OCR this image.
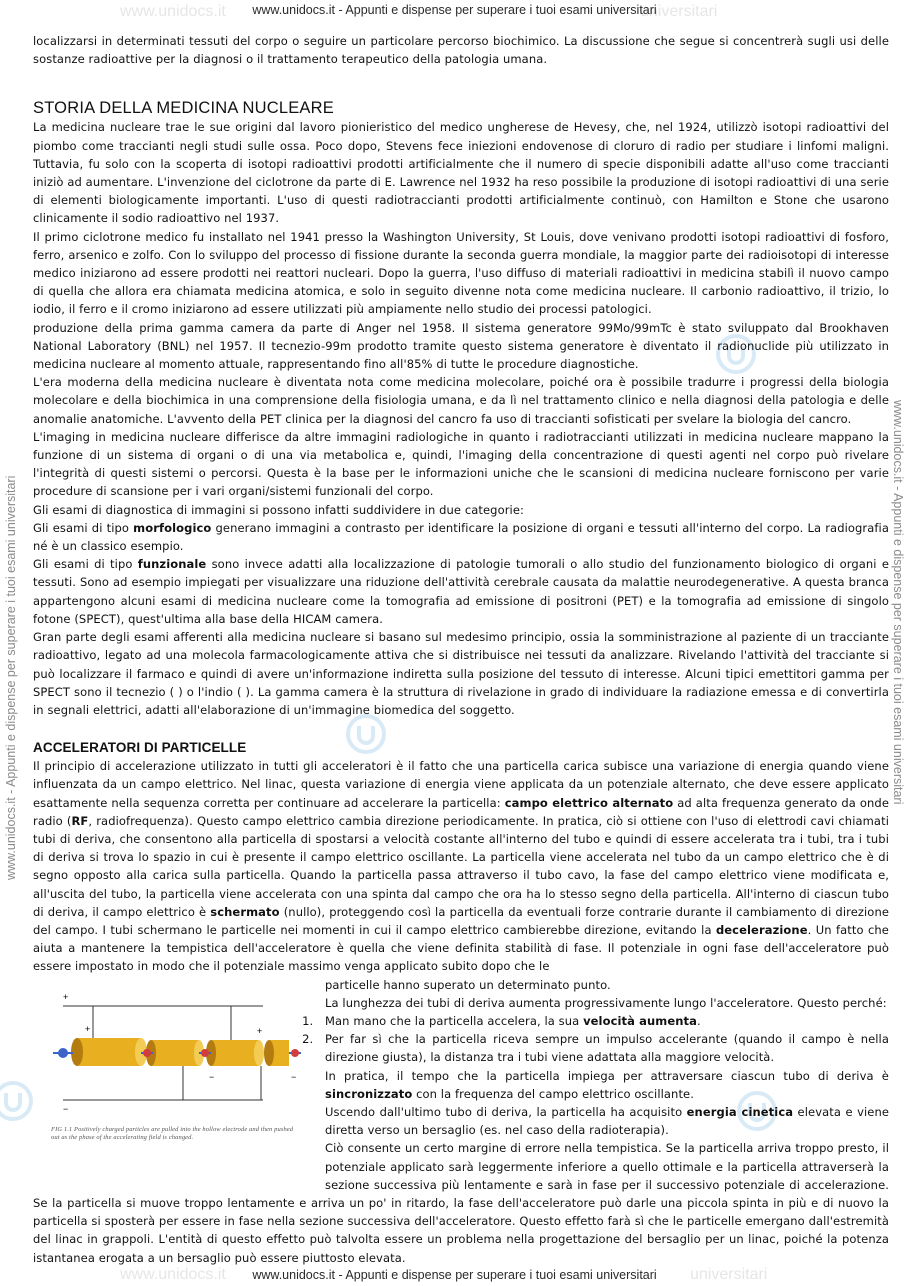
www.unidocs.it	universitari
www.unidocs.it	universitari
www.unidocs.it - Appunti e dispense per superare i tuoi esami universitari	www.unidocs.it - Appunti e dispense per superare i tuoi esami universitari
www.unidocs.it - Appunti e dispense per superare i tuoi esami universitari
www.unidocs.it - Appunti e dispense per superare i tuoi esami universitari

localizzarsi in determinati tessuti del corpo o seguire un particolare percorso biochimico. La discussione che segue si concentrerà sugli usi delle sostanze radioattive per la diagnosi o il trattamento terapeutico della patologia umana.

STORIA DELLA MEDICINA NUCLEARE

La medicina nucleare trae le sue origini dal lavoro pionieristico del medico ungherese de Hevesy, che, nel 1924, utilizzò isotopi radioattivi del piombo come traccianti negli studi sulle ossa. Poco dopo, Stevens fece iniezioni endovenose di cloruro di radio per studiare i linfomi maligni. Tuttavia, fu solo con la scoperta di isotopi radioattivi prodotti artificialmente che il numero di specie disponibili adatte all'uso come traccianti iniziò ad aumentare. L'invenzione del ciclotrone da parte di E. Lawrence nel 1932 ha reso possibile la produzione di isotopi radioattivi di una serie di elementi biologicamente importanti. L'uso di questi radiotraccianti prodotti artificialmente continuò, con Hamilton e Stone che usarono clinicamente il sodio radioattivo nel 1937.

Il primo ciclotrone medico fu installato nel 1941 presso la Washington University, St Louis, dove venivano prodotti isotopi radioattivi di fosforo, ferro, arsenico e zolfo. Con lo sviluppo del processo di fissione durante la seconda guerra mondiale, la maggior parte dei radioisotopi di interesse medico iniziarono ad essere prodotti nei reattori nucleari. Dopo la guerra, l'uso diffuso di materiali radioattivi in medicina stabilì il nuovo campo di quella che allora era chiamata medicina atomica, e solo in seguito divenne nota come medicina nucleare. Il carbonio radioattivo, il trizio, lo iodio, il ferro e il cromo iniziarono ad essere utilizzati più ampiamente nello studio dei processi patologici.

produzione della prima gamma camera da parte di Anger nel 1958. Il sistema generatore 99Mo/99mTc è stato sviluppato dal Brookhaven National Laboratory (BNL) nel 1957. Il tecnezio-99m prodotto tramite questo sistema generatore è diventato il radionuclide più utilizzato in medicina nucleare al momento attuale, rappresentando fino all'85% di tutte le procedure diagnostiche.

L'era moderna della medicina nucleare è diventata nota come medicina molecolare, poiché ora è possibile tradurre i progressi della biologia molecolare e della biochimica in una comprensione della fisiologia umana, e da lì nel trattamento clinico e nella diagnosi della patologia e delle anomalie anatomiche. L'avvento della PET clinica per la diagnosi del cancro fa uso di traccianti sofisticati per svelare la biologia del cancro.

L'imaging in medicina nucleare differisce da altre immagini radiologiche in quanto i radiotraccianti utilizzati in medicina nucleare mappano la funzione di un sistema di organi o di una via metabolica e, quindi, l'imaging della concentrazione di questi agenti nel corpo può rivelare l'integrità di questi sistemi o percorsi. Questa è la base per le informazioni uniche che le scansioni di medicina nucleare forniscono per varie procedure di scansione per i vari organi/sistemi funzionali del corpo.

Gli esami di diagnostica di immagini si possono infatti suddividere in due categorie:

Gli esami di tipo morfologico generano immagini a contrasto per identificare la posizione di organi e tessuti all'interno del corpo. La radiografia né è un classico esempio.

Gli esami di tipo funzionale sono invece adatti alla localizzazione di patologie tumorali o allo studio del funzionamento biologico di organi e tessuti. Sono ad esempio impiegati per visualizzare una riduzione dell'attività cerebrale causata da malattie neurodegenerative. A questa branca appartengono alcuni esami di medicina nucleare come la tomografia ad emissione di positroni (PET) e la tomografia ad emissione di singolo fotone (SPECT), quest'ultima alla base della HICAM camera.

Gran parte degli esami afferenti alla medicina nucleare si basano sul medesimo principio, ossia la somministrazione al paziente di un tracciante radioattivo, legato ad una molecola farmacologicamente attiva che si distribuisce nei tessuti da analizzare. Rivelando l'attività del tracciante si può localizzare il farmaco e quindi di avere un'informazione indiretta sulla posizione del tessuto di interesse. Alcuni tipici emettitori gamma per SPECT sono il tecnezio ( ) o l'indio ( ). La gamma camera è la struttura di rivelazione in grado di individuare la radiazione emessa e di convertirla in segnali elettrici, adatti all'elaborazione di un'immagine biomedica del soggetto.

ACCELERATORI DI PARTICELLE

Il principio di accelerazione utilizzato in tutti gli acceleratori è il fatto che una particella carica subisce una variazione di energia quando viene influenzata da un campo elettrico. Nel linac, questa variazione di energia viene applicata da un potenziale alternato, che deve essere applicato esattamente nella sequenza corretta per continuare ad accelerare la particella: campo elettrico alternato ad alta frequenza generato da onde radio (RF, radiofrequenza). Questo campo elettrico cambia direzione periodicamente. In pratica, ciò si ottiene con l'uso di elettrodi cavi chiamati tubi di deriva, che consentono alla particella di spostarsi a velocità costante all'interno del tubo e quindi di essere accelerata tra i tubi, tra i tubi di deriva si trova lo spazio in cui è presente il campo elettrico oscillante. La particella viene accelerata nel tubo da un campo elettrico che è di segno opposto alla carica sulla particella. Quando la particella passa attraverso il tubo cavo, la fase del campo elettrico viene modificata e, all'uscita del tubo, la particella viene accelerata con una spinta dal campo che ora ha lo stesso segno della particella. All'interno di ciascun tubo di deriva, il campo elettrico è schermato (nullo), proteggendo così la particella da eventuali forze contrarie durante il cambiamento di direzione del campo. I tubi schermano le particelle nei momenti in cui il campo elettrico cambierebbe direzione, evitando la decelerazione. Un fatto che aiuta a mantenere la tempistica dell'acceleratore è quella che viene definita stabilità di fase. Il potenziale in ogni fase dell'acceleratore può essere impostato in modo che il potenziale massimo venga applicato subito dopo che le

+
−
+
−	−
+
FIG 1.1 Positively charged particles are pulled into the hollow electrode and then pushed out as the phase of the accelerating field is changed.

particelle hanno superato un determinato punto.

La lunghezza dei tubi di deriva aumenta progressivamente lungo l'acceleratore. Questo perché:

1. Man mano che la particella accelera, la sua velocità aumenta.
2. Per far sì che la particella riceva sempre un impulso accelerante (quando il campo è nella direzione giusta), la distanza tra i tubi viene adattata alla maggiore velocità.

In pratica, il tempo che la particella impiega per attraversare ciascun tubo di deriva è sincronizzato con la frequenza del campo elettrico oscillante.

Uscendo dall'ultimo tubo di deriva, la particella ha acquisito energia cinetica elevata e viene diretta verso un bersaglio (es. nel caso della radioterapia).

Ciò consente un certo margine di errore nella tempistica. Se la particella arriva troppo presto, il potenziale applicato sarà leggermente inferiore a quello ottimale e la particella attraverserà la sezione successiva più lentamente e sarà in fase per il successivo potenziale di accelerazione. Se la particella si muove troppo lentamente e arriva un po' in ritardo, la fase dell'acceleratore può darle una piccola spinta in più e di nuovo la particella si sposterà per essere in fase nella sezione successiva dell'acceleratore. Questo effetto farà sì che le particelle emergano dall'estremità del linac in grappoli. L'entità di questo effetto può talvolta essere un problema nella progettazione del bersaglio per un linac, poiché la potenza istantanea erogata a un bersaglio può essere piuttosto elevata.
